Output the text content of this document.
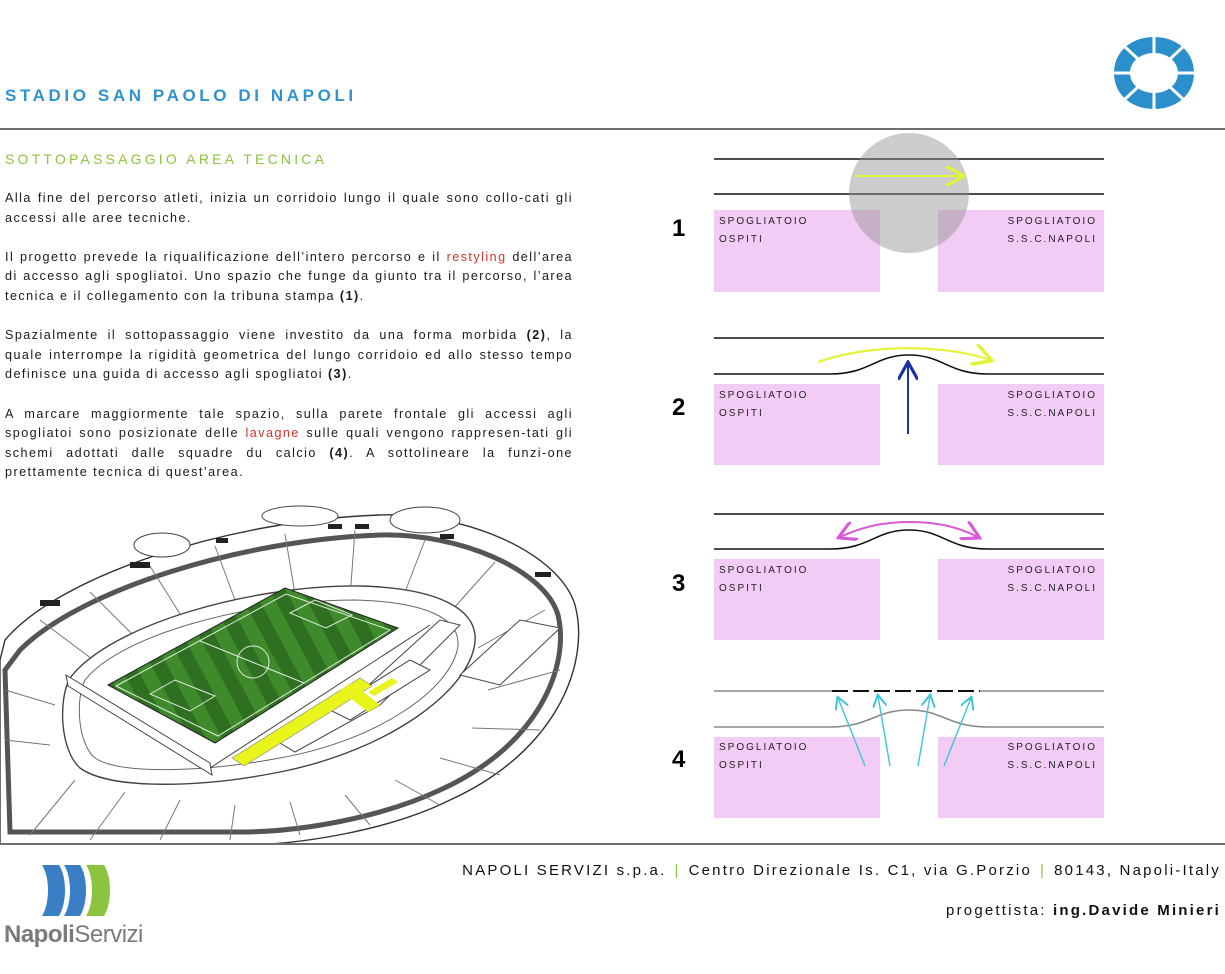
STADIO SAN PAOLO DI NAPOLI
SOTTOPASSAGGIO AREA TECNICA

Alla fine del percorso atleti, inizia un corridoio lungo il quale sono collo-cati gli accessi alle aree tecniche.

Il progetto prevede la riqualificazione dell’intero percorso e il restyling dell’area di accesso agli spogliatoi. Uno spazio che funge da giunto tra il percorso, l’area tecnica e il collegamento con la tribuna stampa (1).

Spazialmente il sottopassaggio viene investito da una forma morbida (2), la quale interrompe la rigidità geometrica del lungo corridoio ed allo stesso tempo definisce una guida di accesso agli spogliatoi (3).

A marcare maggiormente tale spazio, sulla parete frontale gli accessi agli spogliatoi sono posizionate delle lavagne sulle quali vengono rappresen-tati gli schemi adottati dalle squadre du calcio (4). A sottolineare la funzi-one prettamente tecnica di quest’area.

1	SPOGLIATOIO
OSPITI
SPOGLIATOIO
S.S.C.NAPOLI
2	SPOGLIATOIO
OSPITI
SPOGLIATOIO
S.S.C.NAPOLI
3	SPOGLIATOIO
OSPITI
SPOGLIATOIO
S.S.C.NAPOLI
4	SPOGLIATOIO
OSPITI
SPOGLIATOIO
S.S.C.NAPOLI
NapoliServizi
NAPOLI SERVIZI s.p.a. | Centro Direzionale Is. C1, via G.Porzio | 80143, Napoli-Italy
progettista: ing.Davide Minieri
